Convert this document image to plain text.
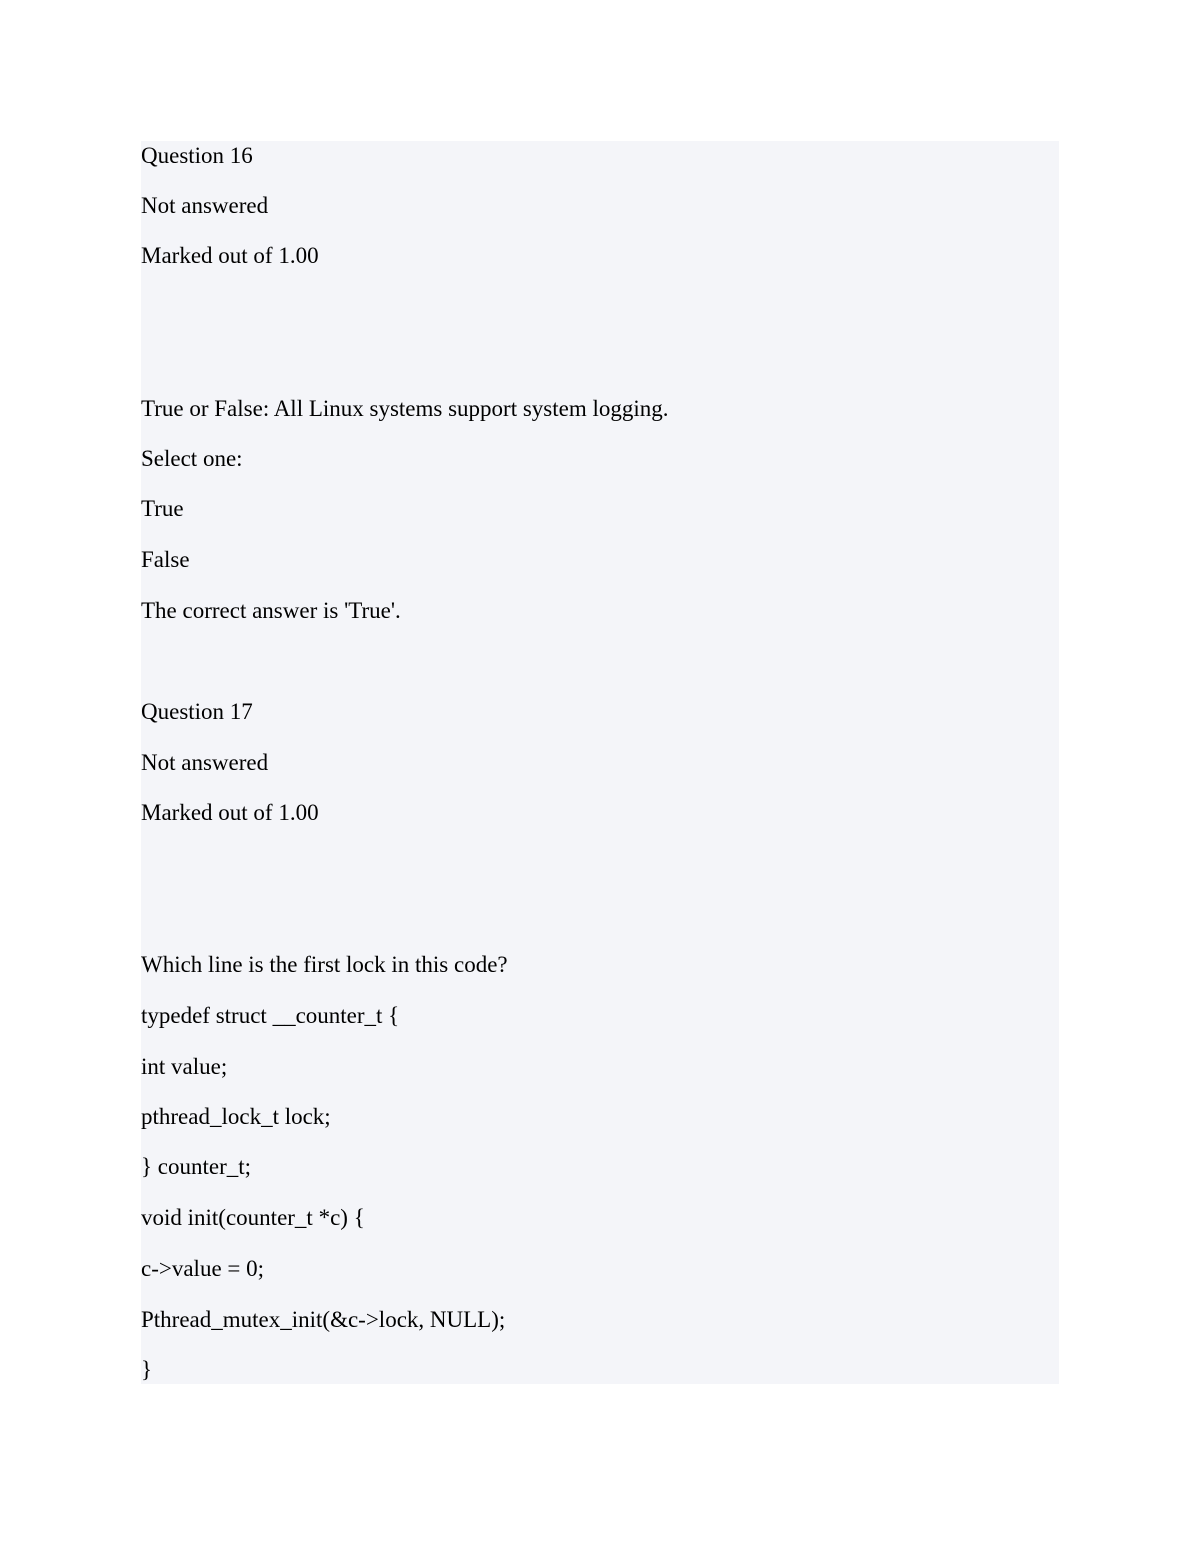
Question 16

Not answered

Marked out of 1.00

True or False: All Linux systems support system logging.

Select one:

True

False

The correct answer is 'True'.

Question 17

Not answered

Marked out of 1.00

Which line is the first lock in this code?

typedef struct __counter_t {

int value;

pthread_lock_t lock;

} counter_t;

void init(counter_t *c) {

c->value = 0;

Pthread_mutex_init(&c->lock, NULL);

}
